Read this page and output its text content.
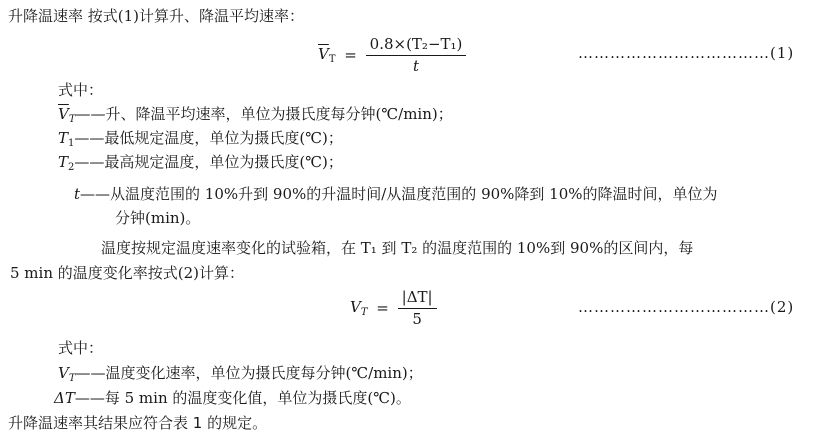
升降温速率 按式(1)计算升、降温平均速率：
$\overline{V}_T = \frac{\text{0.8×(T₂−T₁)}}{t}$	………………………………(1)
式中：
$\overline{V}_T——$升、降温平均速率，单位为摄氏度每分钟(℃/min)；
$T_1——$最低规定温度，单位为摄氏度(℃)；
$T_2——$最高规定温度，单位为摄氏度(℃)；
t——从温度范围的 10%升到 90%的升温时间/从温度范围的 90%降到 10%的降温时间，单位为
分钟(min)。
温度按规定温度速率变化的试验箱，在 T₁ 到 T₂ 的温度范围的 10%到 90%的区间内，每
5 min 的温度变化率按式(2)计算：
$V_T = \frac{|\Delta T|}{5}$	………………………………(2)
式中：
$V_T——$温度变化速率，单位为摄氏度每分钟(℃/min)；
ΔT——每 5 min 的温度变化值，单位为摄氏度(℃)。
升降温速率其结果应符合表 1 的规定。
